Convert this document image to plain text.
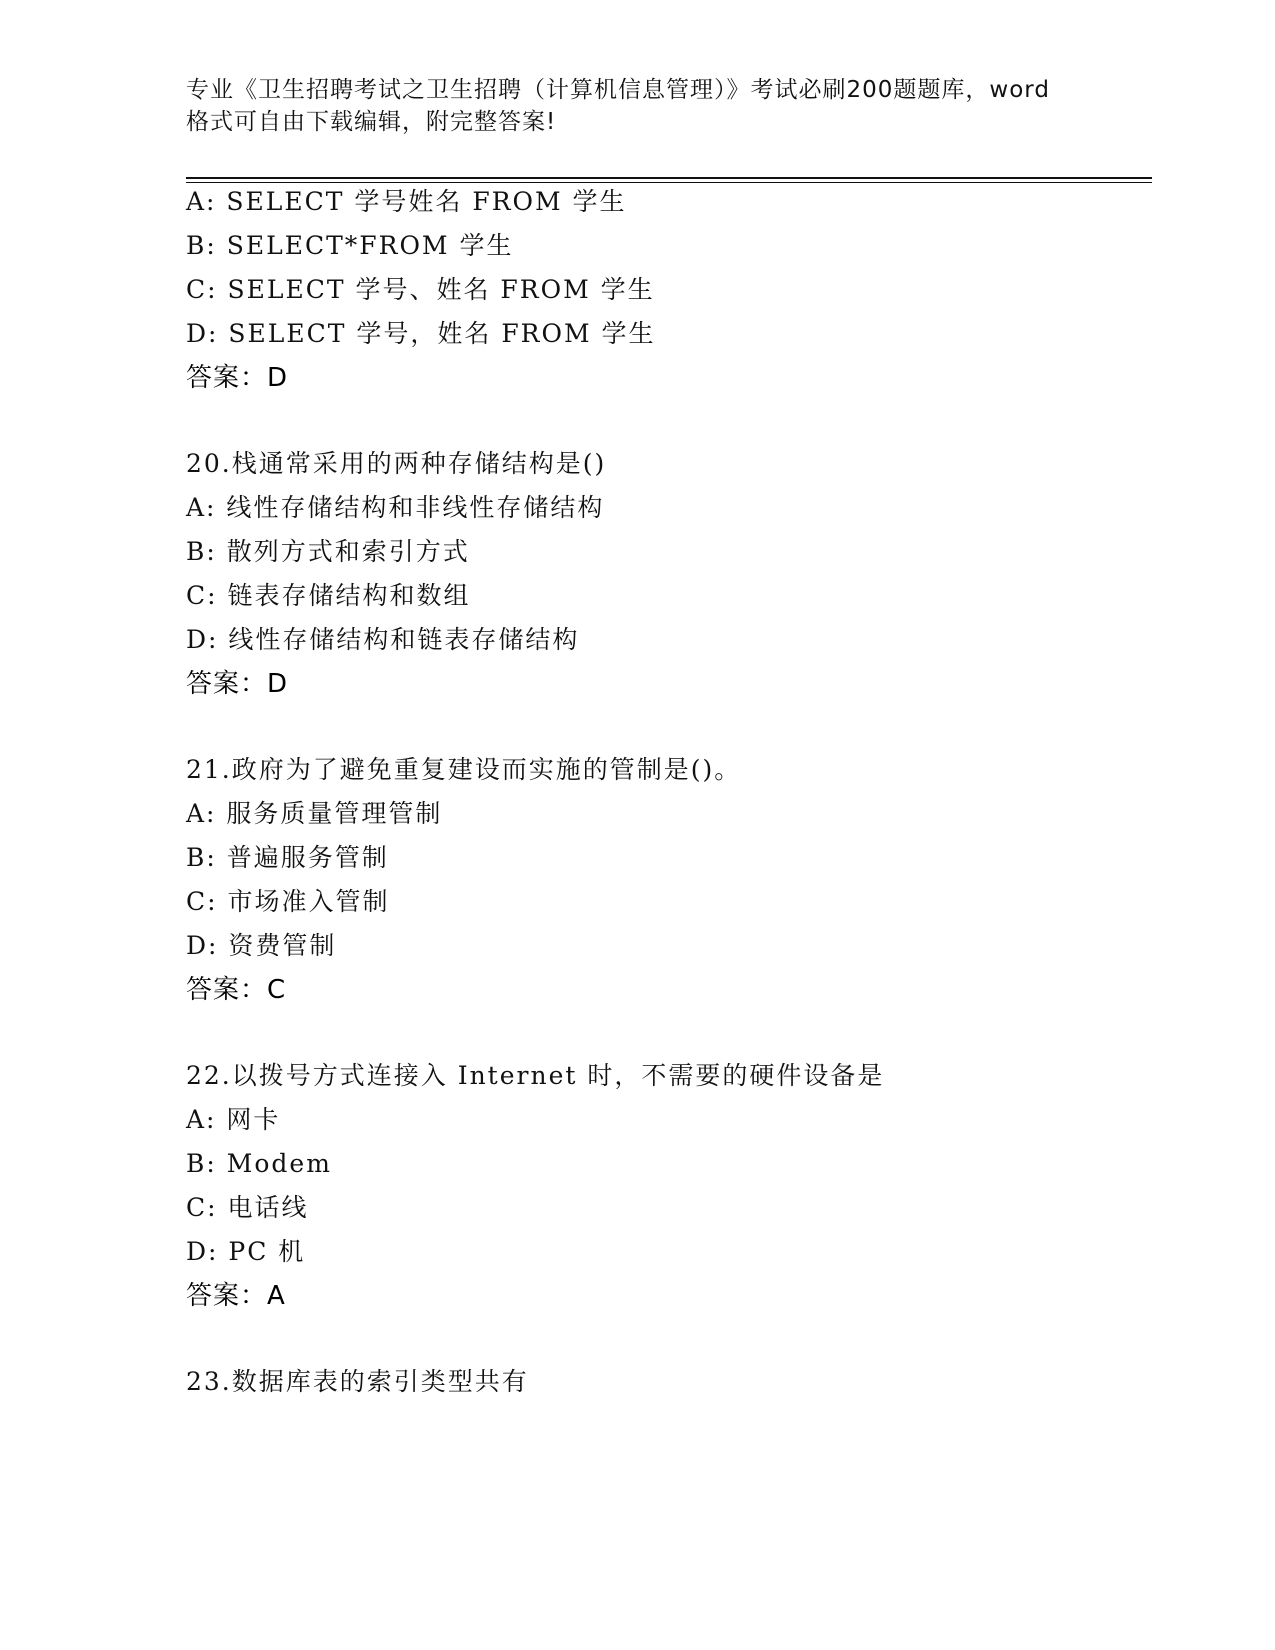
专业《卫生招聘考试之卫生招聘（计算机信息管理）》考试必刷200题题库，word
格式可自由下载编辑，附完整答案!
A: SELECT 学号姓名 FROM 学生
B: SELECT*FROM 学生
C: SELECT 学号、姓名 FROM 学生
D: SELECT 学号，姓名 FROM 学生
答案：D
20.栈通常采用的两种存储结构是()
A: 线性存储结构和非线性存储结构
B: 散列方式和索引方式
C: 链表存储结构和数组
D: 线性存储结构和链表存储结构
答案：D
21.政府为了避免重复建设而实施的管制是()。
A: 服务质量管理管制
B: 普遍服务管制
C: 市场准入管制
D: 资费管制
答案：C
22.以拨号方式连接入 Internet 时，不需要的硬件设备是
A: 网卡
B: Modem
C: 电话线
D: PC 机
答案：A
23.数据库表的索引类型共有
